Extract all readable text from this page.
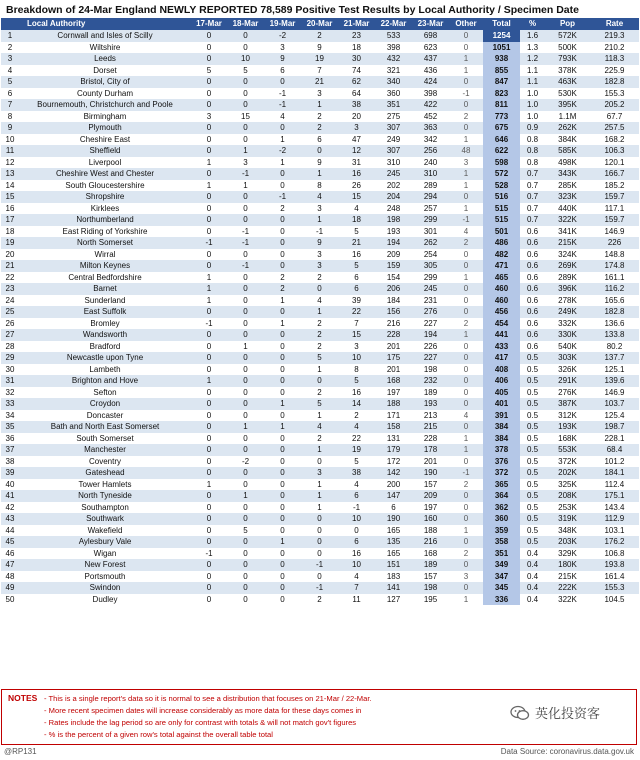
Breakdown of 24-Mar England NEWLY REPORTED 78,589 Positive Test Results by Local Authority / Specimen Date
	Local Authority	17-Mar	18-Mar	19-Mar	20-Mar	21-Mar	22-Mar	23-Mar	Other	Total	%	Pop	Rate
1	Cornwall and Isles of Scilly	0	0	-2	2	23	533	698	0	1254	1.6	572K	219.3
2	Wiltshire	0	0	3	9	18	398	623	0	1051	1.3	500K	210.2
3	Leeds	0	10	9	19	30	432	437	1	938	1.2	793K	118.3
4	Dorset	5	5	6	7	74	321	436	1	855	1.1	378K	225.9
5	Bristol, City of	0	0	0	21	62	340	424	0	847	1.1	463K	182.8
6	County Durham	0	0	-1	3	64	360	398	-1	823	1.0	530K	155.3
7	Bournemouth, Christchurch and Poole	0	0	-1	1	38	351	422	0	811	1.0	395K	205.2
8	Birmingham	3	15	4	2	20	275	452	2	773	1.0	1.1M	67.7
9	Plymouth	0	0	0	2	3	307	363	0	675	0.9	262K	257.5
10	Cheshire East	0	0	1	6	47	249	342	1	646	0.8	384K	168.2
11	Sheffield	0	1	-2	0	12	307	256	48	622	0.8	585K	106.3
12	Liverpool	1	3	1	9	31	310	240	3	598	0.8	498K	120.1
13	Cheshire West and Chester	0	-1	0	1	16	245	310	1	572	0.7	343K	166.7
14	South Gloucestershire	1	1	0	8	26	202	289	1	528	0.7	285K	185.2
15	Shropshire	0	0	-1	4	15	204	294	0	516	0.7	323K	159.7
16	Kirklees	0	0	2	3	4	248	257	1	515	0.7	440K	117.1
17	Northumberland	0	0	0	1	18	198	299	-1	515	0.7	322K	159.7
18	East Riding of Yorkshire	0	-1	0	-1	5	193	301	4	501	0.6	341K	146.9
19	North Somerset	-1	-1	0	9	21	194	262	2	486	0.6	215K	226
20	Wirral	0	0	0	3	16	209	254	0	482	0.6	324K	148.8
21	Milton Keynes	0	-1	0	3	5	159	305	0	471	0.6	269K	174.8
22	Central Bedfordshire	1	0	2	2	6	154	299	1	465	0.6	289K	161.1
23	Barnet	1	0	2	0	6	206	245	0	460	0.6	396K	116.2
24	Sunderland	1	0	1	4	39	184	231	0	460	0.6	278K	165.6
25	East Suffolk	0	0	0	1	22	156	276	0	456	0.6	249K	182.8
26	Bromley	-1	0	1	2	7	216	227	2	454	0.6	332K	136.6
27	Wandsworth	0	0	0	2	15	228	194	1	441	0.6	330K	133.8
28	Bradford	0	1	0	2	3	201	226	0	433	0.6	540K	80.2
29	Newcastle upon Tyne	0	0	0	5	10	175	227	0	417	0.5	303K	137.7
30	Lambeth	0	0	0	1	8	201	198	0	408	0.5	326K	125.1
31	Brighton and Hove	1	0	0	0	5	168	232	0	406	0.5	291K	139.6
32	Sefton	0	0	0	2	16	197	189	0	405	0.5	276K	146.9
33	Croydon	0	0	1	5	14	188	193	0	401	0.5	387K	103.7
34	Doncaster	0	0	0	1	2	171	213	4	391	0.5	312K	125.4
35	Bath and North East Somerset	0	1	1	4	4	158	215	0	384	0.5	193K	198.7
36	South Somerset	0	0	0	2	22	131	228	1	384	0.5	168K	228.1
37	Manchester	0	0	0	1	19	179	178	1	378	0.5	553K	68.4
38	Coventry	0	-2	0	0	5	172	201	0	376	0.5	372K	101.2
39	Gateshead	0	0	0	3	38	142	190	-1	372	0.5	202K	184.1
40	Tower Hamlets	1	0	0	1	4	200	157	2	365	0.5	325K	112.4
41	North Tyneside	0	1	0	1	6	147	209	0	364	0.5	208K	175.1
42	Southampton	0	0	0	1	-1	6	197	0	362	0.5	253K	143.4
43	Southwark	0	0	0	0	10	190	160	0	360	0.5	319K	112.9
44	Wakefield	0	5	0	0	0	165	188	1	359	0.5	348K	103.1
45	Aylesbury Vale	0	0	1	0	6	135	216	0	358	0.5	203K	176.2
46	Wigan	-1	0	0	0	16	165	168	2	351	0.4	329K	106.8
47	New Forest	0	0	0	-1	10	151	189	0	349	0.4	180K	193.8
48	Portsmouth	0	0	0	0	4	183	157	3	347	0.4	215K	161.4
49	Swindon	0	0	0	-1	7	141	198	0	345	0.4	222K	155.3
50	Dudley	0	0	0	2	11	127	195	1	336	0.4	322K	104.5
NOTES - This is a single report's data so it is normal to see a distribution that focuses on 21-Mar / 22-Mar.
- More recent specimen dates will increase considerably as more data for these days comes in
- Rates include the lag period so are only for contrast with totals & will not match gov't figures
- % is the percent of a given row's total against the overall table total
英化投资客
@RP131	Data Source: coronavirus.data.gov.uk
